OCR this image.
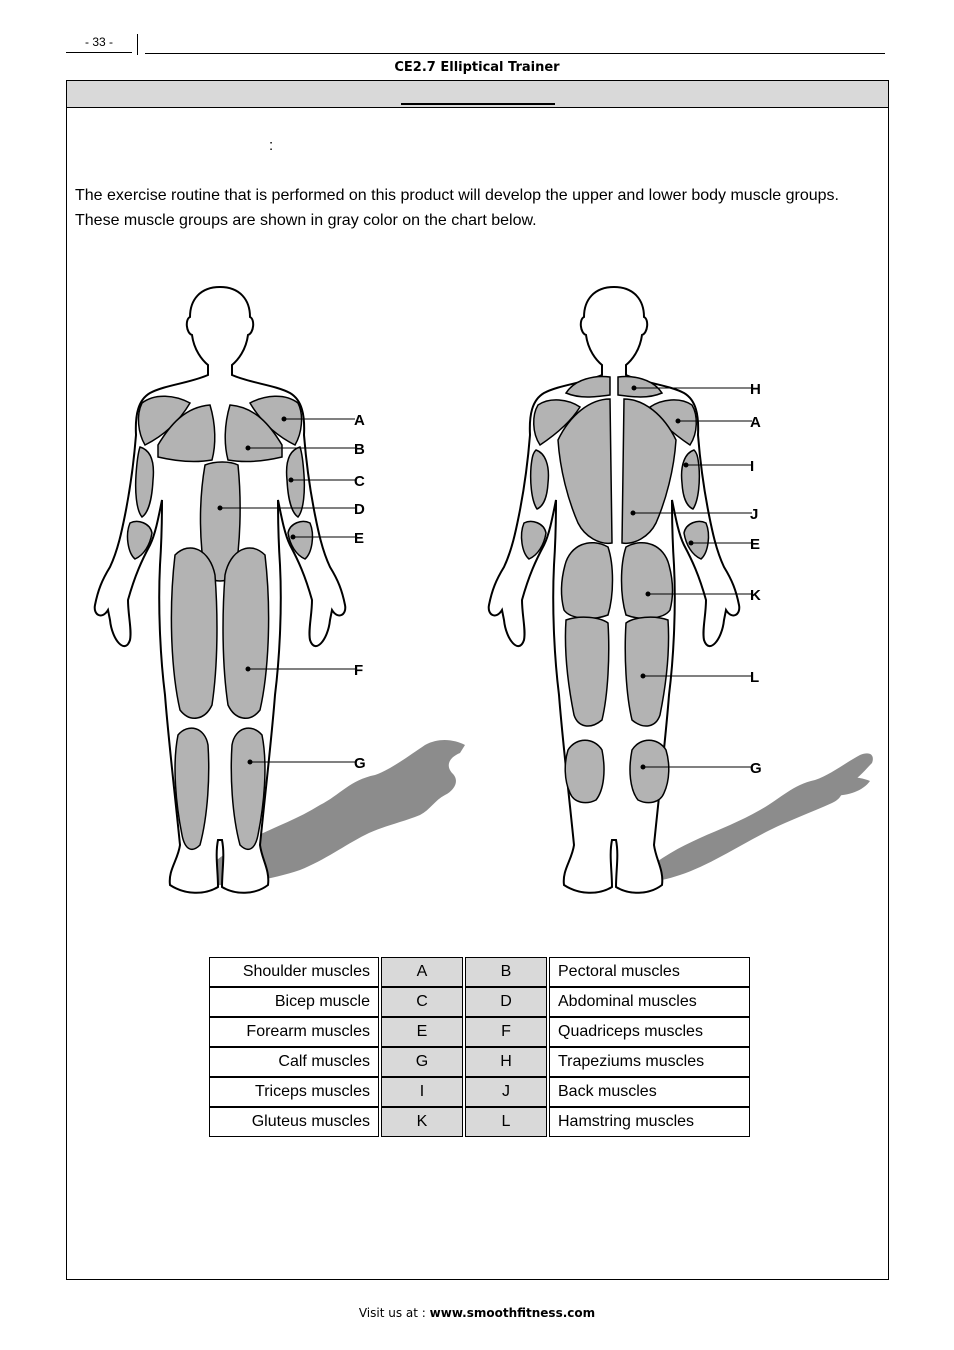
- 33 -
CE2.7 Elliptical Trainer
:
The exercise routine that is performed on this product will develop the upper and lower body muscle groups.
These muscle groups are shown in gray color on the chart below.
A
B
C
D
E
F
G
H
A
I
J
E
K
L
G
Shoulder muscles		A		B		Pectoral muscles
Bicep muscle		C		D		Abdominal muscles
Forearm muscles		E		F		Quadriceps muscles
Calf muscles		G		H		Trapeziums muscles
Triceps muscles		I		J		Back muscles
Gluteus muscles		K		L		Hamstring muscles
Visit us at : www.smoothfitness.com
